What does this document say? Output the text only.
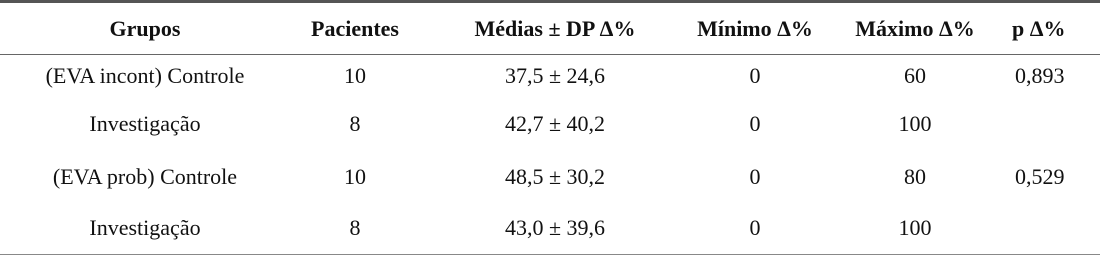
Grupos	Pacientes	Médias ± DP Δ%	Mínimo Δ%	Máximo Δ%	p Δ%
(EVA incont) Controle	10	37,5 ± 24,6	0	60	0,893
Investigação	8	42,7 ± 40,2	0	100	
(EVA prob) Controle	10	48,5 ± 30,2	0	80	0,529
Investigação	8	43,0 ± 39,6	0	100	
